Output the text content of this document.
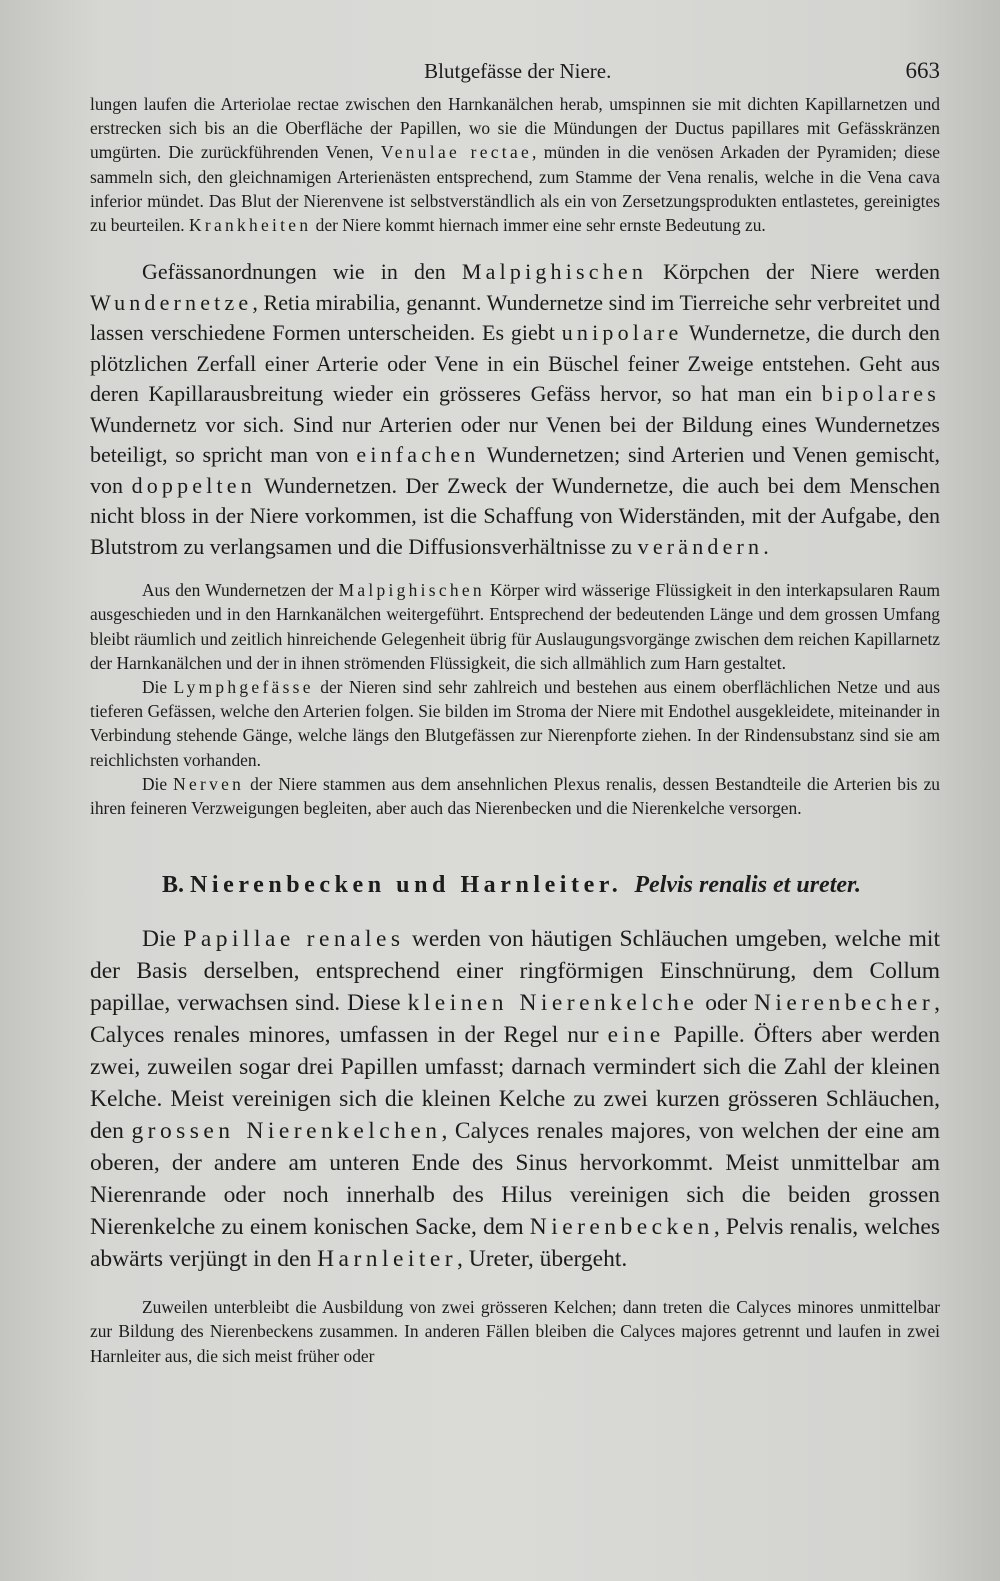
Blutgefässe der Niere.	663

lungen laufen die Arteriolae rectae zwischen den Harnkanälchen herab, umspinnen sie mit dichten Kapillarnetzen und erstrecken sich bis an die Oberfläche der Papillen, wo sie die Mündungen der Ductus papillares mit Gefässkränzen umgürten. Die zurückführenden Venen, Venulae rectae, münden in die venösen Arkaden der Pyramiden; diese sammeln sich, den gleichnamigen Arterienästen entsprechend, zum Stamme der Vena renalis, welche in die Vena cava inferior mündet. Das Blut der Nierenvene ist selbstverständlich als ein von Zersetzungsprodukten entlastetes, gereinigtes zu beurteilen. Krankheiten der Niere kommt hiernach immer eine sehr ernste Bedeutung zu.

Gefässanordnungen wie in den Malpighischen Körpchen der Niere werden Wundernetze, Retia mirabilia, genannt. Wundernetze sind im Tierreiche sehr verbreitet und lassen verschiedene Formen unterscheiden. Es giebt unipolare Wundernetze, die durch den plötzlichen Zerfall einer Arterie oder Vene in ein Büschel feiner Zweige entstehen. Geht aus deren Kapillarausbreitung wieder ein grösseres Gefäss hervor, so hat man ein bipolares Wundernetz vor sich. Sind nur Arterien oder nur Venen bei der Bildung eines Wundernetzes beteiligt, so spricht man von einfachen Wundernetzen; sind Arterien und Venen gemischt, von doppelten Wundernetzen. Der Zweck der Wundernetze, die auch bei dem Menschen nicht bloss in der Niere vorkommen, ist die Schaffung von Widerständen, mit der Aufgabe, den Blutstrom zu verlangsamen und die Diffusionsverhältnisse zu verändern.

Aus den Wundernetzen der Malpighischen Körper wird wässerige Flüssigkeit in den interkapsularen Raum ausgeschieden und in den Harnkanälchen weitergeführt. Entsprechend der bedeutenden Länge und dem grossen Umfang bleibt räumlich und zeitlich hinreichende Gelegenheit übrig für Auslaugungsvorgänge zwischen dem reichen Kapillarnetz der Harnkanälchen und der in ihnen strömenden Flüssigkeit, die sich allmählich zum Harn gestaltet.

Die Lymphgefässe der Nieren sind sehr zahlreich und bestehen aus einem oberflächlichen Netze und aus tieferen Gefässen, welche den Arterien folgen. Sie bilden im Stroma der Niere mit Endothel ausgekleidete, miteinander in Verbindung stehende Gänge, welche längs den Blutgefässen zur Nierenpforte ziehen. In der Rindensubstanz sind sie am reichlichsten vorhanden.

Die Nerven der Niere stammen aus dem ansehnlichen Plexus renalis, dessen Bestandteile die Arterien bis zu ihren feineren Verzweigungen begleiten, aber auch das Nierenbecken und die Nierenkelche versorgen.

B. Nierenbecken und Harnleiter. Pelvis renalis et ureter.

Die Papillae renales werden von häutigen Schläuchen umgeben, welche mit der Basis derselben, entsprechend einer ringförmigen Einschnürung, dem Collum papillae, verwachsen sind. Diese kleinen Nierenkelche oder Nierenbecher, Calyces renales minores, umfassen in der Regel nur eine Papille. Öfters aber werden zwei, zuweilen sogar drei Papillen umfasst; darnach vermindert sich die Zahl der kleinen Kelche. Meist vereinigen sich die kleinen Kelche zu zwei kurzen grösseren Schläuchen, den grossen Nierenkelchen, Calyces renales majores, von welchen der eine am oberen, der andere am unteren Ende des Sinus hervorkommt. Meist unmittelbar am Nierenrande oder noch innerhalb des Hilus vereinigen sich die beiden grossen Nierenkelche zu einem konischen Sacke, dem Nierenbecken, Pelvis renalis, welches abwärts verjüngt in den Harnleiter, Ureter, übergeht.

Zuweilen unterbleibt die Ausbildung von zwei grösseren Kelchen; dann treten die Calyces minores unmittelbar zur Bildung des Nierenbeckens zusammen. In anderen Fällen bleiben die Calyces majores getrennt und laufen in zwei Harnleiter aus, die sich meist früher oder
